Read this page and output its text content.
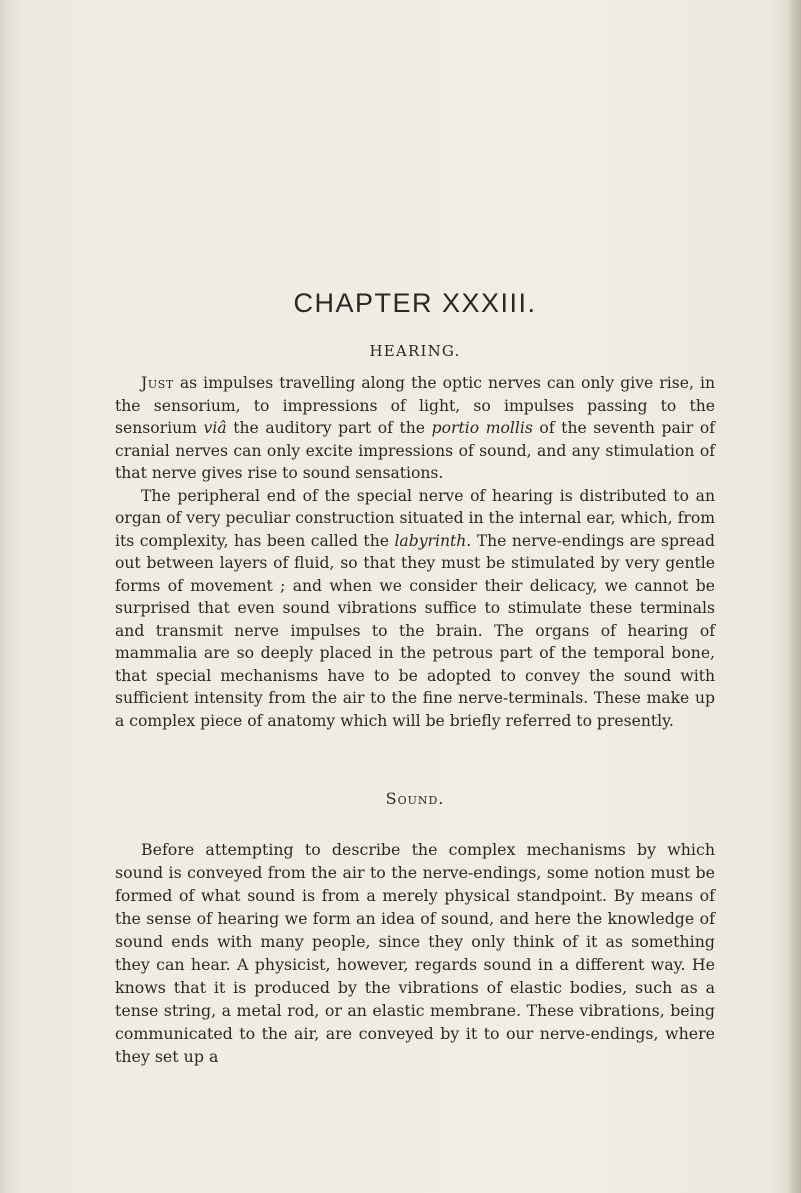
CHAPTER XXXIII.
HEARING.

Just as impulses travelling along the optic nerves can only give rise, in the sensorium, to impressions of light, so impulses passing to the sensorium viâ the auditory part of the portio mollis of the seventh pair of cranial nerves can only excite impressions of sound, and any stimulation of that nerve gives rise to sound sensations.

The peripheral end of the special nerve of hearing is distributed to an organ of very peculiar construction situated in the internal ear, which, from its complexity, has been called the labyrinth. The nerve-endings are spread out between layers of fluid, so that they must be stimulated by very gentle forms of movement ; and when we consider their delicacy, we cannot be surprised that even sound vibrations suffice to stimulate these terminals and transmit nerve impulses to the brain. The organs of hearing of mammalia are so deeply placed in the petrous part of the temporal bone, that special mechanisms have to be adopted to convey the sound with sufficient intensity from the air to the fine nerve-terminals. These make up a complex piece of anatomy which will be briefly referred to presently.

Sound.

Before attempting to describe the complex mechanisms by which sound is conveyed from the air to the nerve-endings, some notion must be formed of what sound is from a merely physical standpoint. By means of the sense of hearing we form an idea of sound, and here the knowledge of sound ends with many people, since they only think of it as something they can hear. A physicist, however, regards sound in a different way. He knows that it is produced by the vibrations of elastic bodies, such as a tense string, a metal rod, or an elastic membrane. These vibrations, being communicated to the air, are conveyed by it to our nerve-endings, where they set up a
